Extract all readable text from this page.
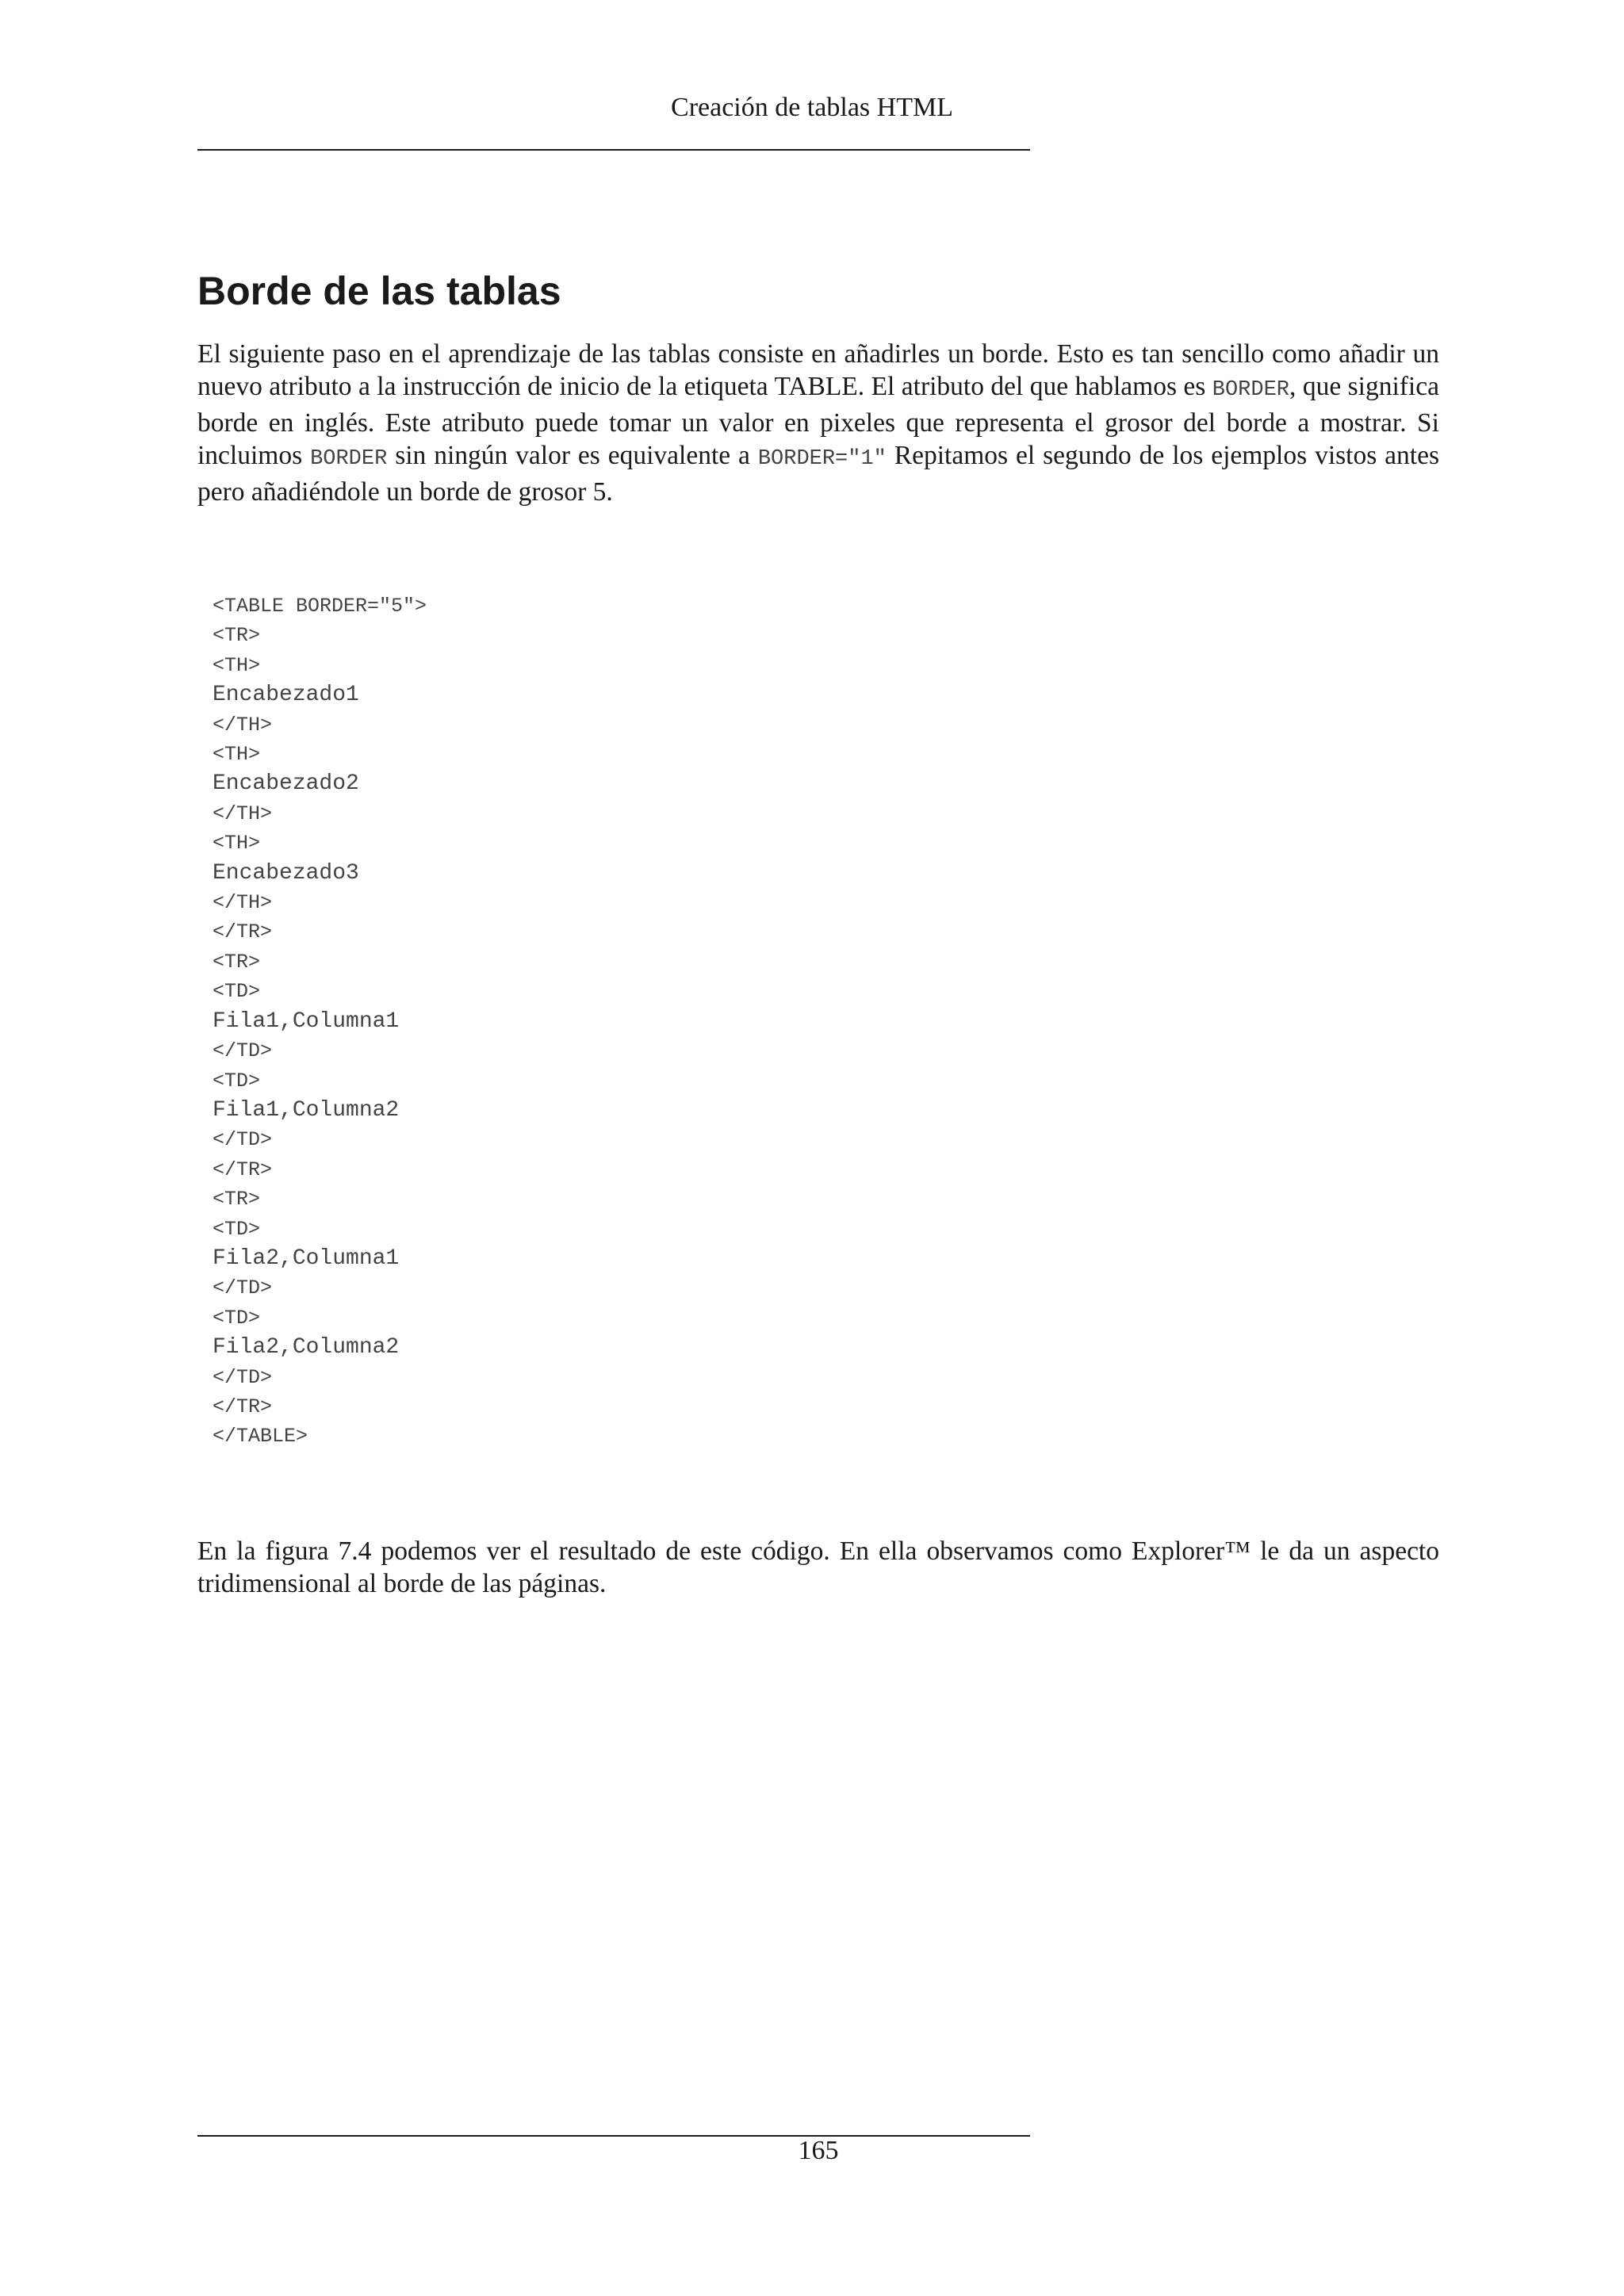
Creación de tablas HTML
Borde de las tablas

El siguiente paso en el aprendizaje de las tablas consiste en añadirles un borde. Esto es tan sencillo como añadir un nuevo atributo a la instrucción de inicio de la etiqueta TABLE. El atributo del que hablamos es BORDER, que significa borde en inglés. Este atributo puede tomar un valor en pixeles que representa el grosor del borde a mostrar. Si incluimos BORDER sin ningún valor es equivalente a BORDER="1" Repitamos el segundo de los ejemplos vistos antes pero añadiéndole un borde de grosor 5.

<TABLE BORDER="5">
<TR>
<TH>
Encabezado1
</TH>
<TH>
Encabezado2
</TH>
<TH>
Encabezado3
</TH>
</TR>
<TR>
<TD>
Fila1,Columna1
</TD>
<TD>
Fila1,Columna2
</TD>
</TR>
<TR>
<TD>
Fila2,Columna1
</TD>
<TD>
Fila2,Columna2
</TD>
</TR>
</TABLE>

En la figura 7.4 podemos ver el resultado de este código. En ella observamos como Explorer™ le da un aspecto tridimensional al borde de las páginas.

165
